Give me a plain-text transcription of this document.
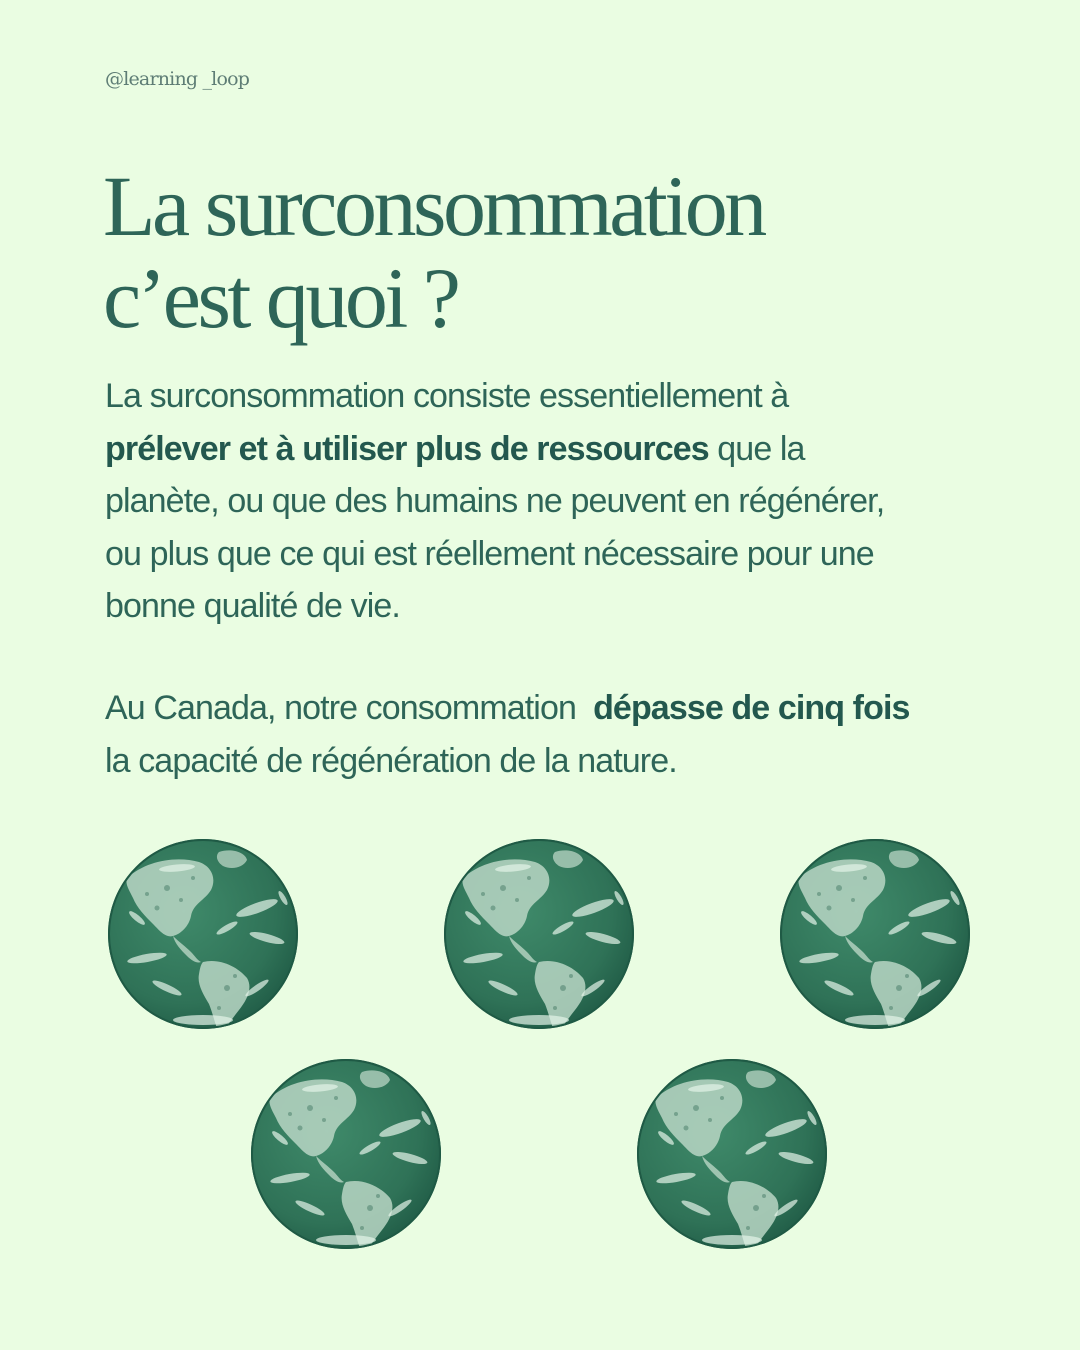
@learning _loop
La surconsommation
c’est quoi ?

La surconsommation consiste essentiellement à
prélever et à utiliser plus de ressources que la
planète, ou que des humains ne peuvent en régénérer,
ou plus que ce qui est réellement nécessaire pour une
bonne qualité de vie.

Au Canada, notre consommation  dépasse de cinq fois
la capacité de régénération de la nature.
